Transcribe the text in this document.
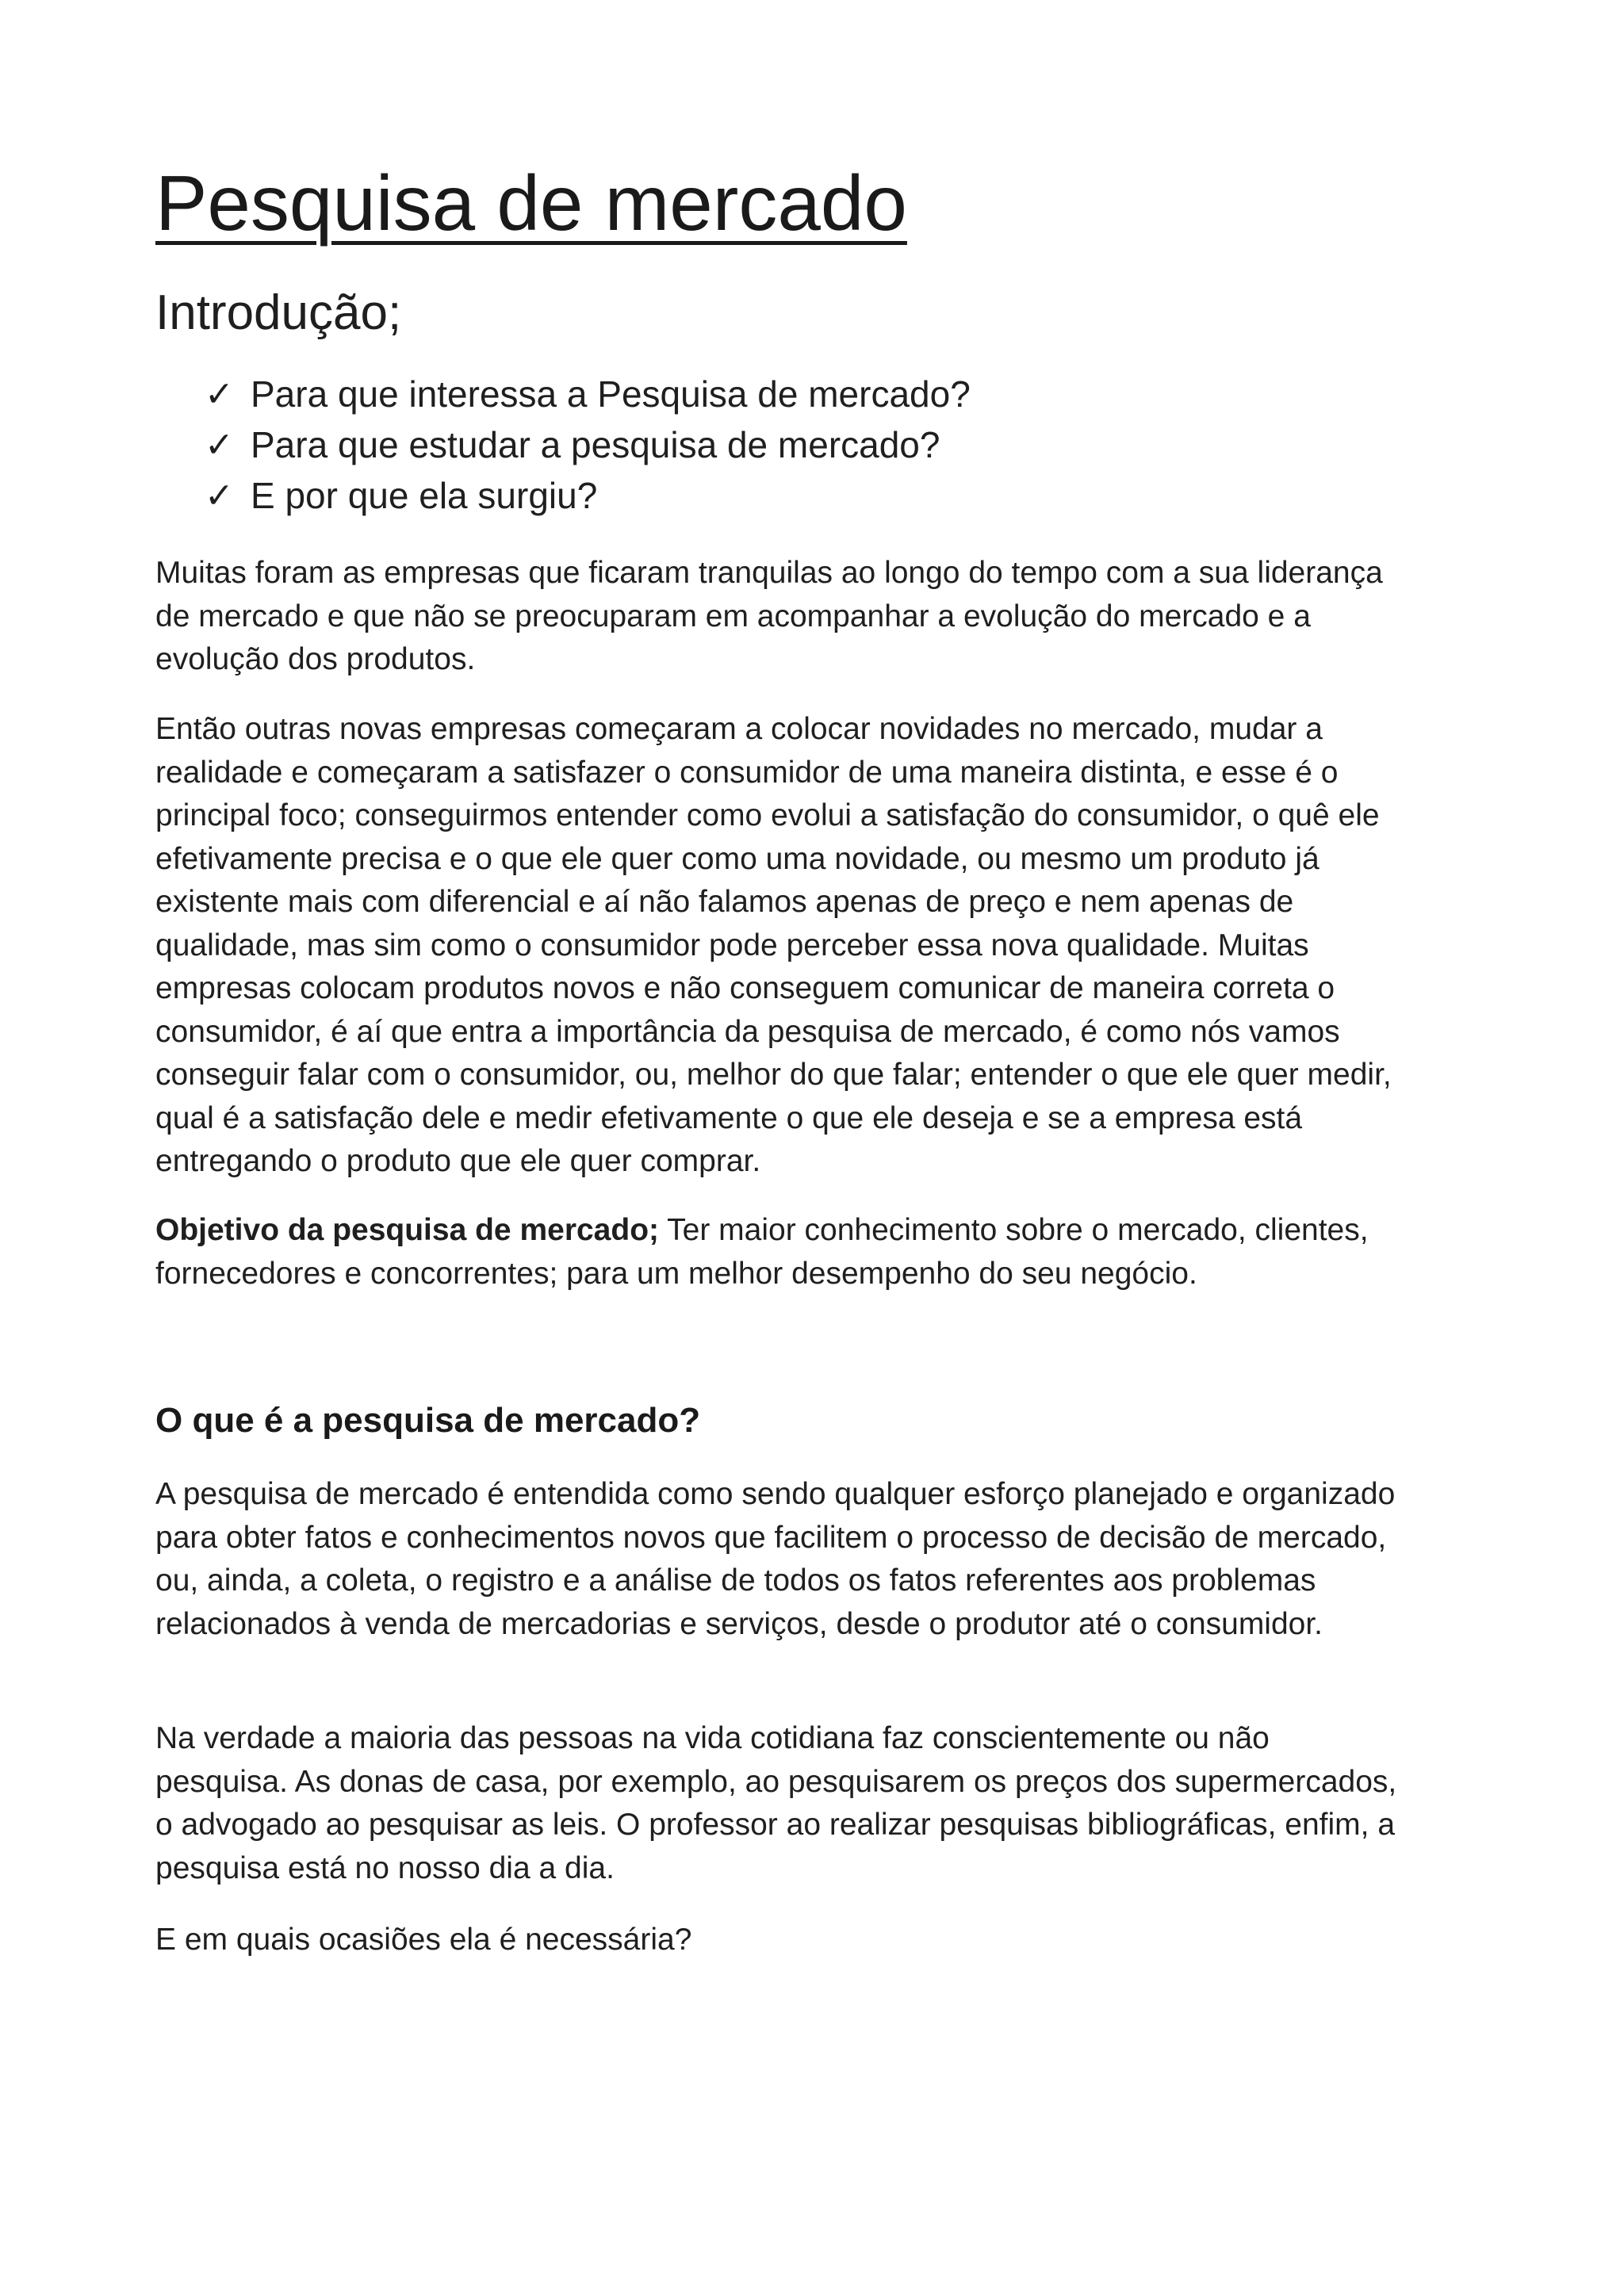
Pesquisa de mercado
Introdução;
✓ Para que interessa a Pesquisa de mercado?
✓ Para que estudar a pesquisa de mercado?
✓ E por que ela surgiu?

Muitas foram as empresas que ficaram tranquilas ao longo do tempo com a sua liderança de mercado e que não se preocuparam em acompanhar a evolução do mercado e a evolução dos produtos.

Então outras novas empresas começaram a colocar novidades no mercado, mudar a realidade e começaram a satisfazer o consumidor de uma maneira distinta, e esse é o principal foco; conseguirmos entender como evolui a satisfação do consumidor, o quê ele efetivamente precisa e o que ele quer como uma novidade, ou mesmo um produto já existente mais com diferencial e aí não falamos apenas de preço e nem apenas de qualidade, mas sim como o consumidor pode perceber essa nova qualidade. Muitas empresas colocam produtos novos e não conseguem comunicar de maneira correta o consumidor, é aí que entra a importância da pesquisa de mercado, é como nós vamos conseguir falar com o consumidor, ou, melhor do que falar; entender o que ele quer medir, qual é a satisfação dele e medir efetivamente o que ele deseja e se a empresa está entregando o produto que ele quer comprar.

Objetivo da pesquisa de mercado; Ter maior conhecimento sobre o mercado, clientes, fornecedores e concorrentes; para um melhor desempenho do seu negócio.

O que é a pesquisa de mercado?

A pesquisa de mercado é entendida como sendo qualquer esforço planejado e organizado para obter fatos e conhecimentos novos que facilitem o processo de decisão de mercado, ou, ainda, a coleta, o registro e a análise de todos os fatos referentes aos problemas relacionados à venda de mercadorias e serviços, desde o produtor até o consumidor.

Na verdade a maioria das pessoas na vida cotidiana faz conscientemente ou não pesquisa. As donas de casa, por exemplo, ao pesquisarem os preços dos supermercados, o advogado ao pesquisar as leis. O professor ao realizar pesquisas bibliográficas, enfim, a pesquisa está no nosso dia a dia.

E em quais ocasiões ela é necessária?
